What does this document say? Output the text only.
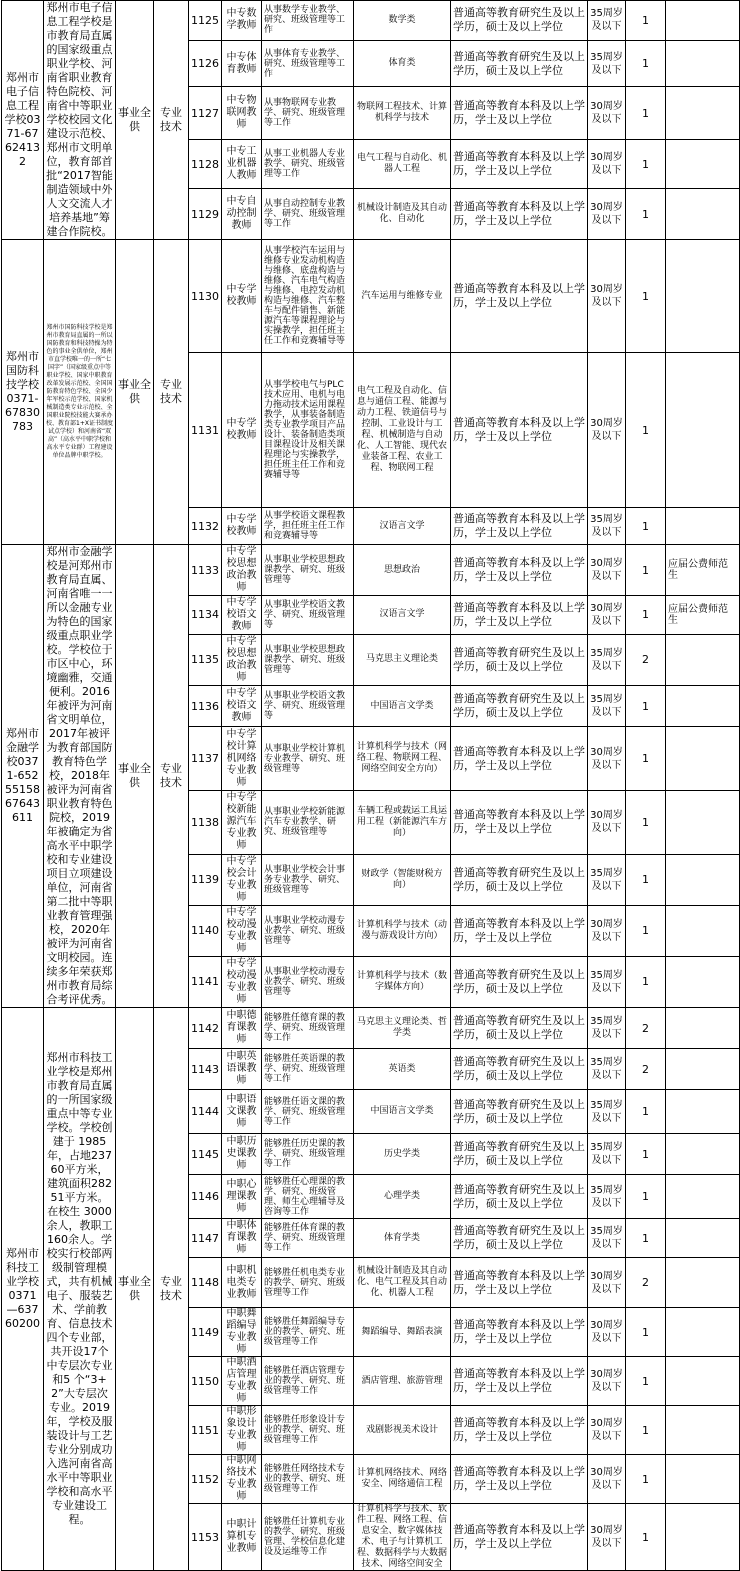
郑州市电子信息工程学校0371-67624132	郑州市电子信息工程学校是市教育局直属的国家级重点职业学校、河南省职业教育特色院校、河南省中等职业学校校园文化建设示范校、郑州市文明单位，教育部首批“2017智能制造领域中外人文交流人才培养基地”筹建合作院校。	事业全供	专业技术	1125	中专数学教师	从事数学专业教学、研究、班级管理等工作	数学类	普通高等教育研究生及以上学历，硕士及以上学位	35周岁及以下	1	
				1126	中专体育教师	从事体育专业教学、研究、班级管理等工作	体育类	普通高等教育研究生及以上学历，硕士及以上学位	35周岁及以下	1	
				1127	中专物联网教师	从事物联网专业教学、研究、班级管理等工作	物联网工程技术、计算机科学与技术	普通高等教育本科及以上学历，学士及以上学位	30周岁及以下	1	
				1128	中专工业机器人教师	从事工业机器人专业教学、研究、班级管理等工作	电气工程与自动化、机器人工程	普通高等教育本科及以上学历，学士及以上学位	30周岁及以下	1	
				1129	中专自动控制教师	从事自动控制专业教学、研究、班级管理等工作	机械设计制造及其自动化、自动化	普通高等教育本科及以上学历，学士及以上学位	30周岁及以下	1	
郑州市国防科技学校0371-67830783	郑州市国防科技学校是郑州市教育局直属的一所以国防教育和科技特操为特色的事业全供单位，郑州市直学校唯一的一所“七国字”（国家级重点中等职业学校、国家中职教育改革发展示范校、全国国防教育特色学校、全国少年军校示范学校、国家机械制造类专业示范校、全国职业院校技能大赛承办校、教育部1+X证书制度试点学校）和河南省“双高”（高水平中职学校和高水平专业群）工程建设单位品牌中职学校。	事业全供	专业技术	1130	中专学校教师	从事学校汽车运用与维修专业发动机构造与维修、底盘构造与维修、汽车电气构造与维修、电控发动机构造与维修、汽车整车与配件销售、新能源汽车等课程理论与实操教学，担任班主任工作和竞赛辅导等	汽车运用与维修专业	普通高等教育本科及以上学历，学士及以上学位	30周岁及以下	1	
				1131	中专学校教师	从事学校电气与PLC技术应用、电机与电力拖动技术运用课程教学，从事装备制造类专业教学项目产品设计、装备制造类项目课程设计及相关课程理论与实操教学，担任班主任工作和竞赛辅导等	电气工程及自动化、信息与通信工程、能源与动力工程、铁道信号与控制、工业设计与工程、机械制造与自动化、人工智能、现代农业装备工程、农业工程、物联网工程	普通高等教育本科及以上学历，学士及以上学位	30周岁及以下	1	
				1132	中专学校教师	从事学校语文课程教学，担任班主任工作和竞赛辅导等	汉语言文学	普通高等教育本科及以上学历，学士及以上学位	35周岁及以下	1	
郑州市金融学校0371-65255158 67643611	郑州市金融学校是河郑州市教育局直属、河南省唯一一所以金融专业为特色的国家级重点职业学校。学校位于市区中心，环境幽雅，交通便利。2016年被评为河南省文明单位，2017年被评为教育部国防教育特色学校，2018年被评为河南省职业教育特色院校，2019年被确定为省高水平中职学校和专业建设项目立项建设单位，河南省第二批中等职业教育管理强校，2020年被评为河南省文明校园。连续多年荣获郑州市教育局综合考评优秀。	事业全供	专业技术	1133	中专学校思想政治教师	从事职业学校思想政课教学、研究、班级管理等	思想政治	普通高等教育本科及以上学历，学士及以上学位	30周岁及以下	1	应届公费师范生
				1134	中专学校语文教师	从事职业学校语文教学、研究、班级管理等	汉语言文学	普通高等教育本科及以上学历，学士及以上学位	30周岁及以下	1	应届公费师范生
				1135	中专学校思想政治教师	从事职业学校思想政课教学、研究、班级管理等	马克思主义理论类	普通高等教育研究生及以上学历，硕士及以上学位	35周岁及以下	2	
				1136	中专学校语文教师	从事职业学校语文教学、研究、班级管理等	中国语言文学类	普通高等教育研究生及以上学历，硕士及以上学位	35周岁及以下	1	
				1137	中专学校计算机网络专业教师	从事职业学校计算机专业教学、研究、班级管理等	计算机科学与技术（网络工程、物联网工程、网络空间安全方向）	普通高等教育本科及以上学历，学士及以上学位	30周岁及以下	1	
				1138	中专学校新能源汽车专业教师	从事职业学校新能源汽车专业教学、研究、班级管理等	车辆工程或载运工具运用工程（新能源汽车方向）	普通高等教育本科及以上学历，学士及以上学位	30周岁及以下	1	
				1139	中专学校会计专业教师	从事职业学校会计事务专业教学、研究、班级管理等	财政学（智能财税方向）	普通高等教育研究生及以上学历，硕士及以上学位	35周岁及以下	1	
				1140	中专学校动漫专业教师	从事职业学校动漫专业教学、研究、班级管理等	计算机科学与技术（动漫与游戏设计方向）	普通高等教育本科及以上学历，学士及以上学位	30周岁及以下	1	
				1141	中专学校动漫专业教师	从事职业学校动漫专业教学、研究、班级管理等	计算机科学与技术（数字媒体方向）	普通高等教育研究生及以上学历，硕士及以上学位	35周岁及以下	1	
郑州市科技工业学校0371—63760200	郑州市科技工业学校是郑州市教育局直属的一所国家级重点中等专业学校。学校创建于 1985年，占地23760平方米，建筑面积28251平方米。在校生 3000余人，教职工160余人。学校实行校部两级制管理模式，共有机械电子、服装艺术、学前教育、信息技术四个专业部，共开设17个中专层次专业和5 个“3+2”大专层次专业。2019年，学校及服装设计与工艺专业分别成功入选河南省高水平中等职业学校和高水平专业建设工程。	事业全供	专业技术	1142	中职德育课教师	能够胜任德育课的教学、研究、班级管理等工作	马克思主义理论类、哲学类	普通高等教育研究生及以上学历，硕士及以上学位	35周岁及以下	2	
				1143	中职英语课教师	能够胜任英语课的教学、研究、班级管理等工作	英语类	普通高等教育研究生及以上学历，硕士及以上学位	35周岁及以下	2	
				1144	中职语文课教师	能够胜任语文课的教学、研究、班级管理等工作	中国语言文学类	普通高等教育研究生及以上学历，硕士及以上学位	35周岁及以下	1	
				1145	中职历史课教师	能够胜任历史课的教学、研究、班级管理等工作	历史学类	普通高等教育研究生及以上学历，硕士及以上学位	35周岁及以下	1	
				1146	中职心理课教师	能够胜任心理课的教学、研究、班级管理、师生心理辅导及咨询等工作	心理学类	普通高等教育研究生及以上学历，硕士及以上学位	35周岁及以下	1	
				1147	中职体育课教师	能够胜任体育课的教学、研究、班级管理等工作	体育学类	普通高等教育研究生及以上学历，硕士及以上学位	35周岁及以下	1	
				1148	中职机电类专业教师	能够胜任机电类专业的教学、研究、班级管理等工作	机械设计制造及其自动化、电气工程及其自动化、机器人工程	普通高等教育本科及以上学历，学士及以上学位	30周岁及以下	2	
				1149	中职舞蹈编导专业教师	能够胜任舞蹈编导专业的教学、研究、班级管理等工作	舞蹈编导、舞蹈表演	普通高等教育本科及以上学历，学士及以上学位	30周岁及以下	1	
				1150	中职酒店管理专业教师	能够胜任酒店管理专业的教学、研究、班级管理等工作	酒店管理、旅游管理	普通高等教育本科及以上学历，学士及以上学位	30周岁及以下	1	
				1151	中职形象设计专业教师	能够胜任形象设计专业的教学、研究、班级管理等工作	戏剧影视美术设计	普通高等教育本科及以上学历，学士及以上学位	30周岁及以下	1	
				1152	中职网络技术专业教师	能够胜任网络技术专业的教学、研究、班级管理等工作	计算机网络技术、网络安全、网络通信工程	普通高等教育本科及以上学历，学士及以上学位	30周岁及以下	1	
				1153	中职计算机专业教师	能够胜任计算机专业的教学、研究、班级管理、学校信息化建设及运维等工作	计算机科学与技术、软件工程、网络工程、信息安全、数字媒体技术、电子与计算机工程、数据科学与大数据技术、网络空间安全	普通高等教育本科及以上学历，学士及以上学位	30周岁及以下	1	
